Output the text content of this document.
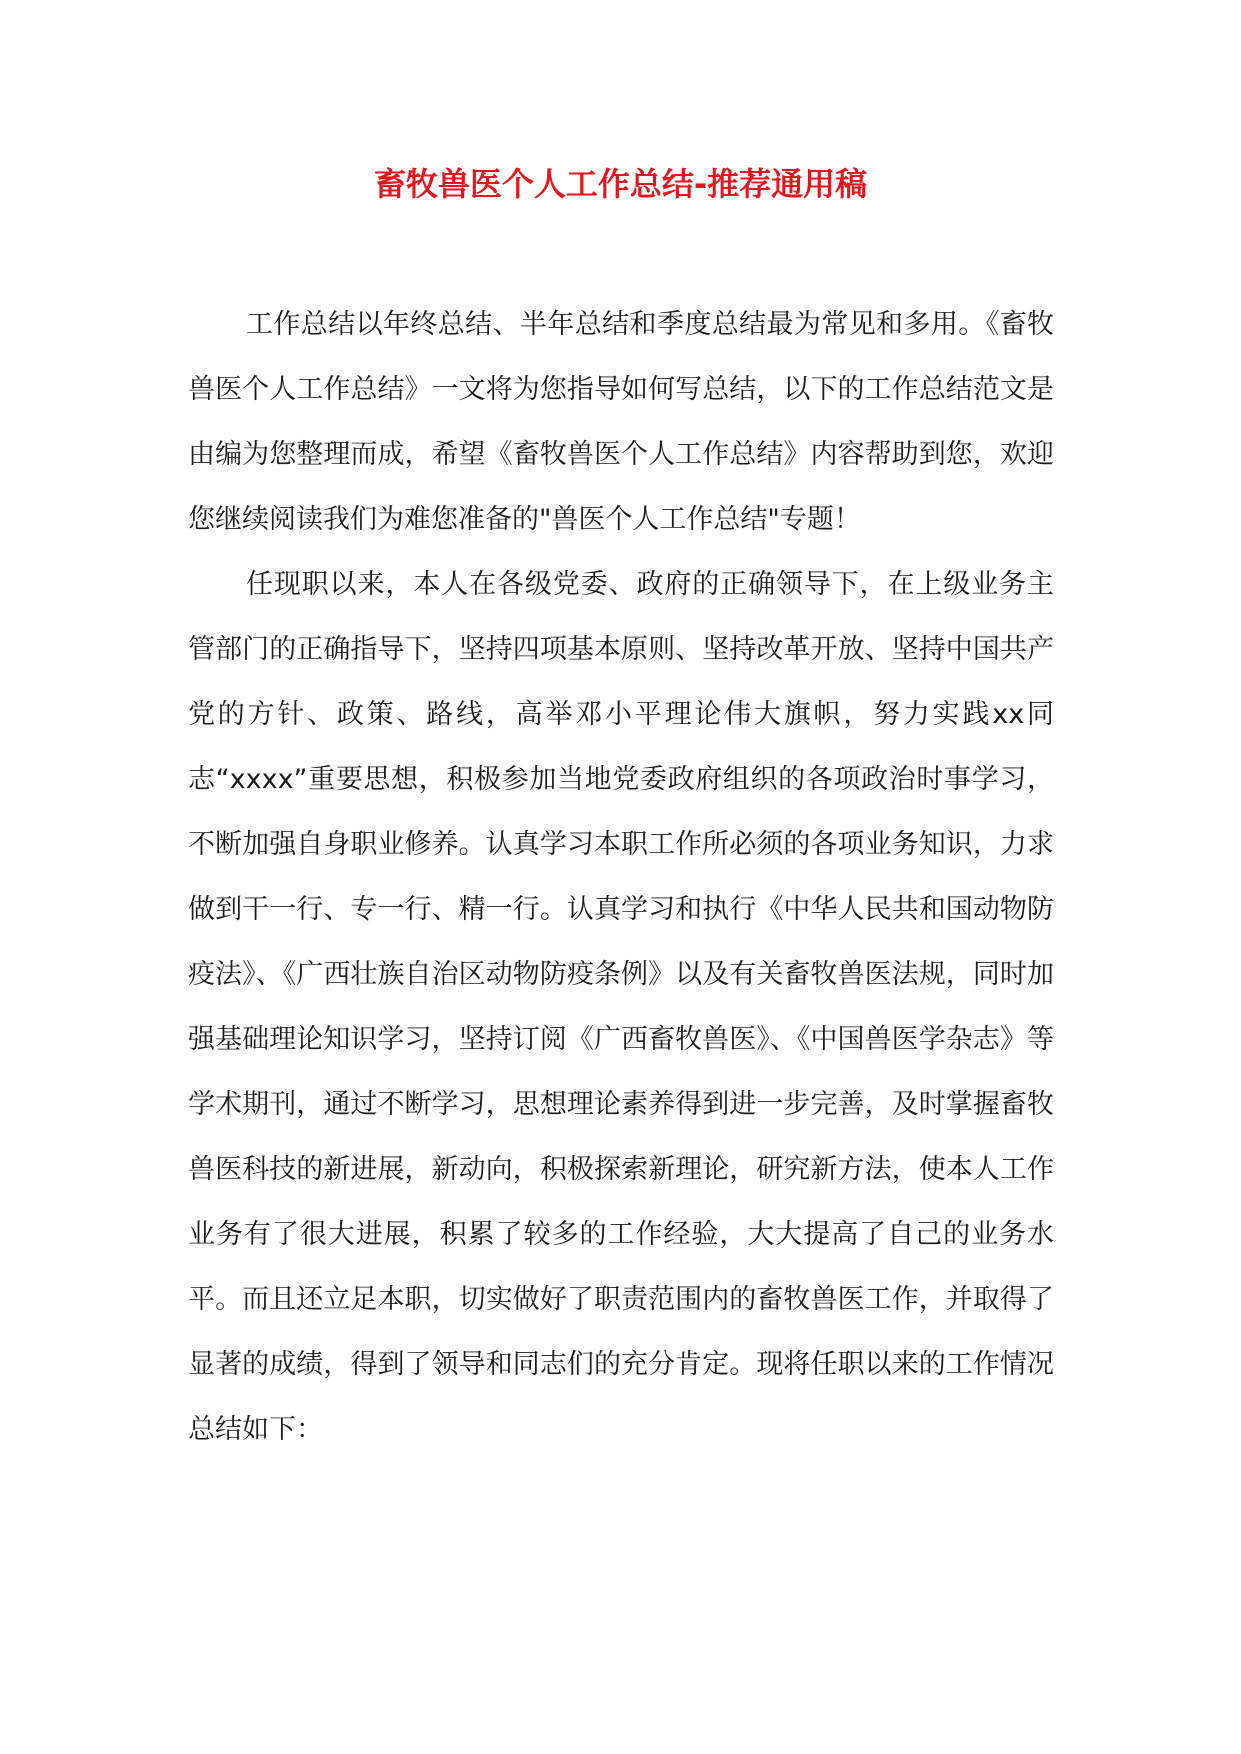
畜牧兽医个人工作总结-推荐通用稿

工作总结以年终总结、半年总结和季度总结最为常见和多用。《畜牧兽医个人工作总结》一文将为您指导如何写总结，以下的工作总结范文是由编为您整理而成，希望《畜牧兽医个人工作总结》内容帮助到您，欢迎您继续阅读我们为难您准备的"兽医个人工作总结"专题！

任现职以来，本人在各级党委、政府的正确领导下，在上级业务主管部门的正确指导下，坚持四项基本原则、坚持改革开放、坚持中国共产党的方针、政策、路线，高举邓小平理论伟大旗帜，努力实践xx同志“xxxx”重要思想，积极参加当地党委政府组织的各项政治时事学习，不断加强自身职业修养。认真学习本职工作所必须的各项业务知识，力求做到干一行、专一行、精一行。认真学习和执行《中华人民共和国动物防疫法》、《广西壮族自治区动物防疫条例》以及有关畜牧兽医法规，同时加强基础理论知识学习，坚持订阅《广西畜牧兽医》、《中国兽医学杂志》等学术期刊，通过不断学习，思想理论素养得到进一步完善，及时掌握畜牧兽医科技的新进展，新动向，积极探索新理论，研究新方法，使本人工作业务有了很大进展，积累了较多的工作经验，大大提高了自己的业务水平。而且还立足本职，切实做好了职责范围内的畜牧兽医工作，并取得了显著的成绩，得到了领导和同志们的充分肯定。现将任职以来的工作情况总结如下：
